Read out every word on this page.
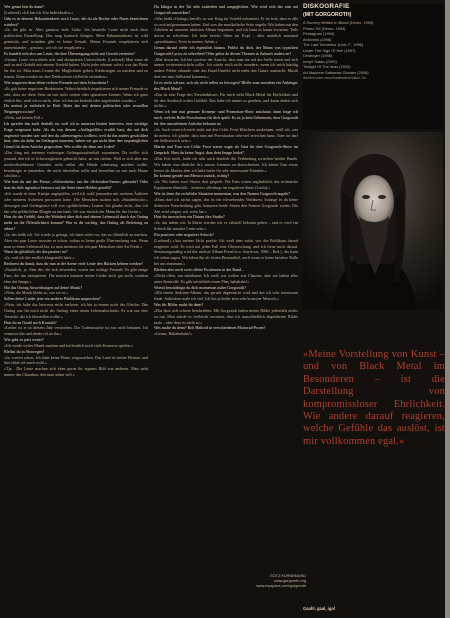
Wer genau bist du dann?

(Lachend) »Ich bin ich. Ein Individualist.«

Gibt es in deinem Bekanntenkreis noch Leute, die du als Rechte oder Nazis bezeichnen würdest?

»Ja, die gibt es. Aber genauso viele Linke. Ich beurteile Leute nicht nach ihrer politischen Einstellung. Das mag komisch klingen. Mein Bekanntenkreis ist wild gemischt, und trotzdem gibt es keine Gewalt. Meine Freunde respektieren sich untereinander – genauso, wie ich sie respektiere.«

Es handelt sich also um Leute, die ihre Überzeugung nicht mit Gewalt vertreten?

»Genau. Leute verwickeln sich und akzeptieren Unterschiede. (Lachend) Man muss ab und zu mal Geduld mit seinem Umfeld haben. Nicht jeder erkennt sofort, was das Beste für ihn ist. Man muss Leuten die Möglichkeit geben, Erfahrungen zu machen und zu lernen. Dann werden sie ihre Denkweisen vielleicht verändern.«

Wie reagieren denn deine rechten Freunde auf dein Schwulsein?

»Es gab keine negativen Reaktionen. Wahrscheinlich respektieren sich meine Freunde so sehr, dass sie diese Seite an mir nicht werten oder ignorieren können. Wenn ich ganz ehrlich bin, weiß ich es nicht. Aber ich bin nie bedroht oder angefeindet worden.«

Du meinst ja mehrfach in Haft. Hatte das mit deinen politischen oder sexuellen Neigungen zu tun?

»Nein, auf keinen Fall.«

Ich spreche das auch deshalb an, weil ich in unserem letzten Interview eine wichtige Frage vergessen habe. Als du von diesem »Auflagefälle« erzählt hast, der auf dich angesetzt worden war und den du »überzeugen« wolltest, weil du ihn anders geschildert hast, dass du dafür ins Gefängnis musstest, haben wir gar nicht über den ursprünglichen Grund für diese Attacke gesprochen. Wer wollte dir denn ans Leder?

»Das hing mit meinem vorherigen Gefängnisaufenthalt zusammen. Da wollte sich jemand, den ich in Schwierigkeiten gebracht hatte, an mir rächen. Weil er sich aber aus nachvollziehbaren Gründen nicht selbst die Hände schmutzig machen wollte, beauftragte er jemanden, der mich überfallen sollte und bewaffnet zu mir nach Hause schickte.«

Wie hast du mit der Presse, »Schwulsein« um die »Schwulen-Szene« gebracht? Oder hast du dich irgendwo bewusst auf die Seite eines Helden gestellt?

»Ich wurde in einer Kneipe angegriffen, weil ich wohl jemanden mit meinem Äußeren oder meinem Auftreten provoziert hatte. Die Menschen suchen sich »Sündenböcke«, deswegen sind Gefängnisse voll von »gefährlichen« Leuten. Ich glaube nicht, dass ich mit sehr gefährlichen Dingen zu tun hatte. Ich war einfach der Mann für das Grobe.«

Hast du das Gefühl, dass die Wahrheit über dich und deinen Lebensstil durch das Outing mehr an die Öffentlichkeit kommt? War es dir wichtig, das Outing als Befreiung zu sehen?

»Ja, das heißt ich. Ich wurde ja gefragt, ich hatte nicht vor, das zu öffentlich zu machen. Aber ein paar Leute wussten es schon, sodass es keine große Überraschung war. Wenn man so einen Lebensstil hat, ist man meistens für ein paar Menschen eine Art Freak.«

Warst du glücklich, als das passiert ist?

»Ja, weil ich das endlich klargestellt hatte.«

Rechnest du damit, dass dir nun in der Szene viele Leute den Rücken kehren werden?

»Natürlich, ja. Aber die, die sich abwenden, waren nie richtige Freunde. Es gibt einige Fans, die das akzeptieren. Die meisten kannten meine Lieder doch gar nicht, sondern eher das Image.«

Hat das Outing Auswirkungen auf deine Musik?

»Nein, die Musik bleibt so, wie sie ist.«

Sollen deine Lieder jetzt ein anderes Publikum ansprechen?

»Nein, ich habe das Interesse nicht verloren, ich bin ja immer noch der Gleiche. Das Outing war für mich nicht der Anfang eines neuen Lebensabschnitts. Es war nur eine Tatsache, die ich klarstellen wollte.«

Hast du zu Gaahl noch Kontakt?

»Leider ist er in diesem Jahr verstorben. Die Todesursache ist mir nicht bekannt. Ich vermisse ihn und denke oft an ihn.«

Wie geht es jetzt weiter?

»Ich werde weiter Musik machen und hoffentlich noch viele Konzerte spielen.«

Bleibst du in Norwegen?

»Ja, vorerst schon. Ich habe keine Pläne, wegzuziehen. Das Land ist meine Heimat, und hier fühle ich mich wohl.«

»Tja... Die Leute machen sich eben gerne ihr eigenes Bild von anderen. Man sieht immer den Charakter, den man sehen will.«

Du klingst in der Tat sehr zufrieden und ausgeglichen. Wie wird sich das nun auf Gorgoroth auswirken?

»Was heißt »Outing« betrifft, so war King im Vorfeld informiert. Er ist froh, dass es alle so cool aufgenommen haben. Und was die musikalische Seite angeht: Wir haben mit den Arbeiten an unserem nächsten Album begonnen, und ich kann es kaum erwarten, Teile davon zu schreiben. Ich habe bereits Ideen im Kopf – aber natürlich maximal »gewaltsame« Texte in meiner Arbeit.«

Genau darauf zielte ich eigentlich hinaus. Fühlst du dich, der Mann von typischen Gorgoroth-Lyrics zu schreiben? Oder gehst du diesen Themen in Zukunft anders an?

»Mal abwarten. Ich bin sowieso der Ansicht, dass man nie auf der Stelle treten und sich immer weiterentwickeln sollte. Ich würde mich nicht wundern, wenn ich mich künftig andere Felder erkunde oder das Band-Umfeld nicht mehr das Ganze ausmacht. Musik darf nie zum Stillstand kommen.«

Ist es nicht schwer, sich als nicht selbst zu bewegen? Bleibt man trotzdem ein Anhänger des Black Metal?

»Das ist eine Frage des Verständnisses. Für mich steht Black Metal für Ehrlichkeit und für den Ausdruck echter Gefühle. Das habe ich immer so gesehen, und daran ändert sich nichts.«

Wenn ich mir nun genauer Konzept- und Promotion-Show anschaue, dann frage ich mich, welche Rolle Provokation für dich spielt. Es ist ja kein Geheimnis, dass Gorgoroth für ihre umstrittenen Auftritte bekannt ist.

»Ja. Auch wenn ich mich nicht mit den Celtic Frost Klischees auskennen, weiß ich, was du meinst. Ich glaube, dass man mit Provokation sehr viel erreichen kann. Aber sie darf nie Selbstzweck sein.«

Martin und Tom von Celtic Frost waren sogar als Gast für eine Gorgoroth-Show im Gespräch. Hast du keine Angst, dass dein Image leidet?

»Das Fest mich, halte ich sehr auch deutlich die Verbindung zwischen beiden Bands. Wir haben eine ähnliche Art, unsere Grenzen zu überschreiten. Ich kenne Tom etwas besser als Martin, aber ich halte beide für sehr interessante Künstler.«

Ihr kommt gerade aus Mexico zurück, richtig?

»Ja. Wir haben zwei Shows dort gespielt. Die Fans waren unglaublich, das technische Equipment ebenfalls – letzteres allerdings im negativen Sinne (Lacht).«

Wie ist denn die rechtliche Situation momentan, was den Namen Gorgoroth angeht?

»Dazu darf ich nichts sagen, das ist ein schwebendes Verfahren. Solange es da keine definitive Entscheidung gibt, benutzen beide Seiten den Namen Gorgoroth weiter. Die Zeit wird zeigen, wer recht hat.«

Hast ihr inzwischen ein Datum fürs Studio?

»Ja, das haben wir. In Kürze werden wir es offiziell bekannt geben – und es wird ein Schock für manche Leute sein.«

Ein positiver oder negativer Schock?

(Lachend) »Aus meiner Sicht positiv. Ich weiß aber nicht, wie das Publikum darauf reagieren wird. Es wird auf jeden Fall eine Überraschung, und ich freue mich darauf. Stimmungsmäßig wird das nächste Album Freud (a.a. Satyricon, 1996 – Red.), das kann ich schon sagen. Wir leben ihn als festen Bestandteil, auch wenn er keine kreative Rolle bei uns einnimmt.«

Bleiben also noch zwei offene Positionen in der Band...

»Nicht offen, nur unbekannt. Ich weiß, wir wollen wie Chaoten, aber wir haben alles unter Kontrolle. Es gibt tatsächlich einen Plan, hahahaha!«

Womit beschäftigst du dich momentan außer Gorgoroth?

»Mit einem Ambient-Album, das gerade abgemischt wird und das ich sehr interessant finde. Außerdem male ich viel. Ich bin ja leider kein sehr kreativer Mensch.«

Was für Bilder malst du denn?

»Das lässt sich schwer beschreiben. Mit Gorgoroth haben meine Bilder jedenfalls nichts zu tun. Man würde es vielleicht erwarten, dass ich ausschließlich abgefahrene Bilder male – aber dem ist nicht so.«

Was malte du denn? Rob Halford in verschiedenen Motorrad-Posen?

»Genau. Hahahahaha!«

DISKOGRAFIE
(MIT GORGOROTH)
A Sorcery Written In Blood (Demo, 1993)
Promo '94 (Demo, 1994)
Pentagram (1994)
Antichrist (1996)
The Last Tormentor (Live-7", 1996)
Under The Sign Of Hell (1997)
Destroyer (1998)
Incipit Satan (2000)
Twilight Of The Idols (2003)
Ad Majorem Sathanas Gloriam (2006)
Weitere unter www.Buddhaist.tr/vision-7m
»Meine Vorstellung von Kunst – und von Black Metal im Besonderen – ist die Darstellung von kompromissloser Ehrlichkeit. Wie andere darauf reagieren, welche Gefühle das auslöst, ist mir vollkommen egal.«
GÖTZ KÜHNEMUND
www.gorgoroth.org
www.myspace.com/gorgoroth
Gaahl, gaal, igal
